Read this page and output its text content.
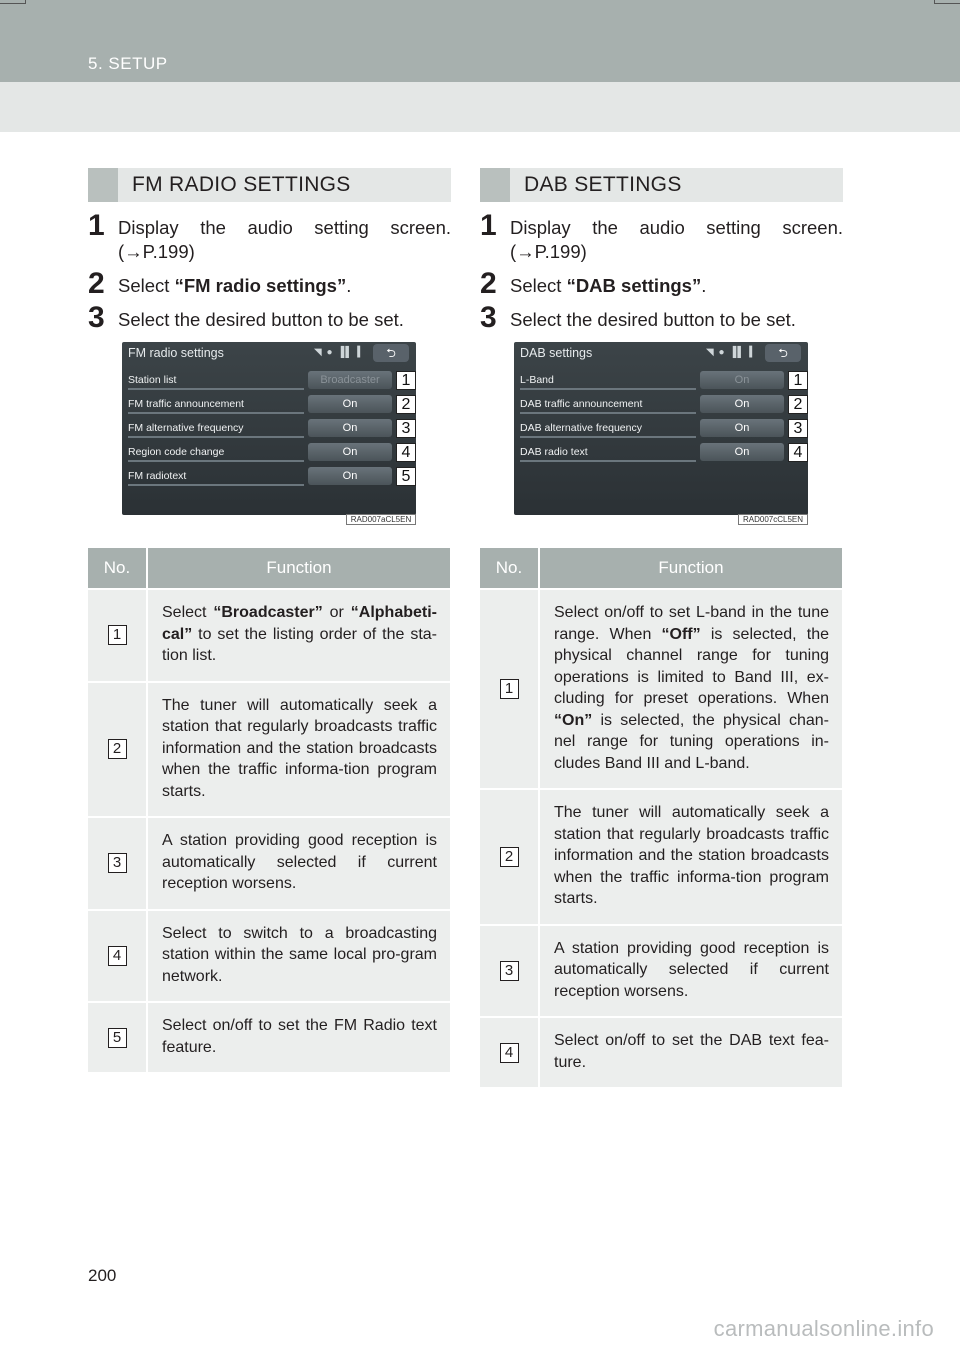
5. SETUP
FM RADIO SETTINGS
1 Display the audio setting screen.
(→P.199)
2 Select “FM radio settings”.
3 Select the desired button to be set.
FM radio settings	◥ ● ▐▌ ▍	⮌
Station list	Broadcaster	1
FM traffic announcement	On	2
FM alternative frequency	On	3
Region code change	On	4
FM radiotext	On	5
RAD007aCL5EN
No.	Function
1	Select “Broadcaster” or “Alphabeti-cal” to set the listing order of the sta-tion list.
2	The tuner will automatically seek a station that regularly broadcasts traffic information and the station broadcasts when the traffic informa-tion program starts.
3	A station providing good reception is automatically selected if current reception worsens.
4	Select to switch to a broadcasting station within the same local pro-gram network.
5	Select on/off to set the FM Radio text feature.
DAB SETTINGS
1 Display the audio setting screen.
(→P.199)
2 Select “DAB settings”.
3 Select the desired button to be set.
DAB settings	◥ ● ▐▌ ▍	⮌
L-Band	On	1
DAB traffic announcement	On	2
DAB alternative frequency	On	3
DAB radio text	On	4
RAD007cCL5EN
No.	Function
1	Select on/off to set L-band in the tune range. When “Off” is selected, the physical channel range for tuning operations is limited to Band III, ex-cluding for preset operations. When “On” is selected, the physical chan-nel range for tuning operations in-cludes Band III and L-band.
2	The tuner will automatically seek a station that regularly broadcasts traffic information and the station broadcasts when the traffic informa-tion program starts.
3	A station providing good reception is automatically selected if current reception worsens.
4	Select on/off to set the DAB text fea-ture.
200
carmanualsonline.info
